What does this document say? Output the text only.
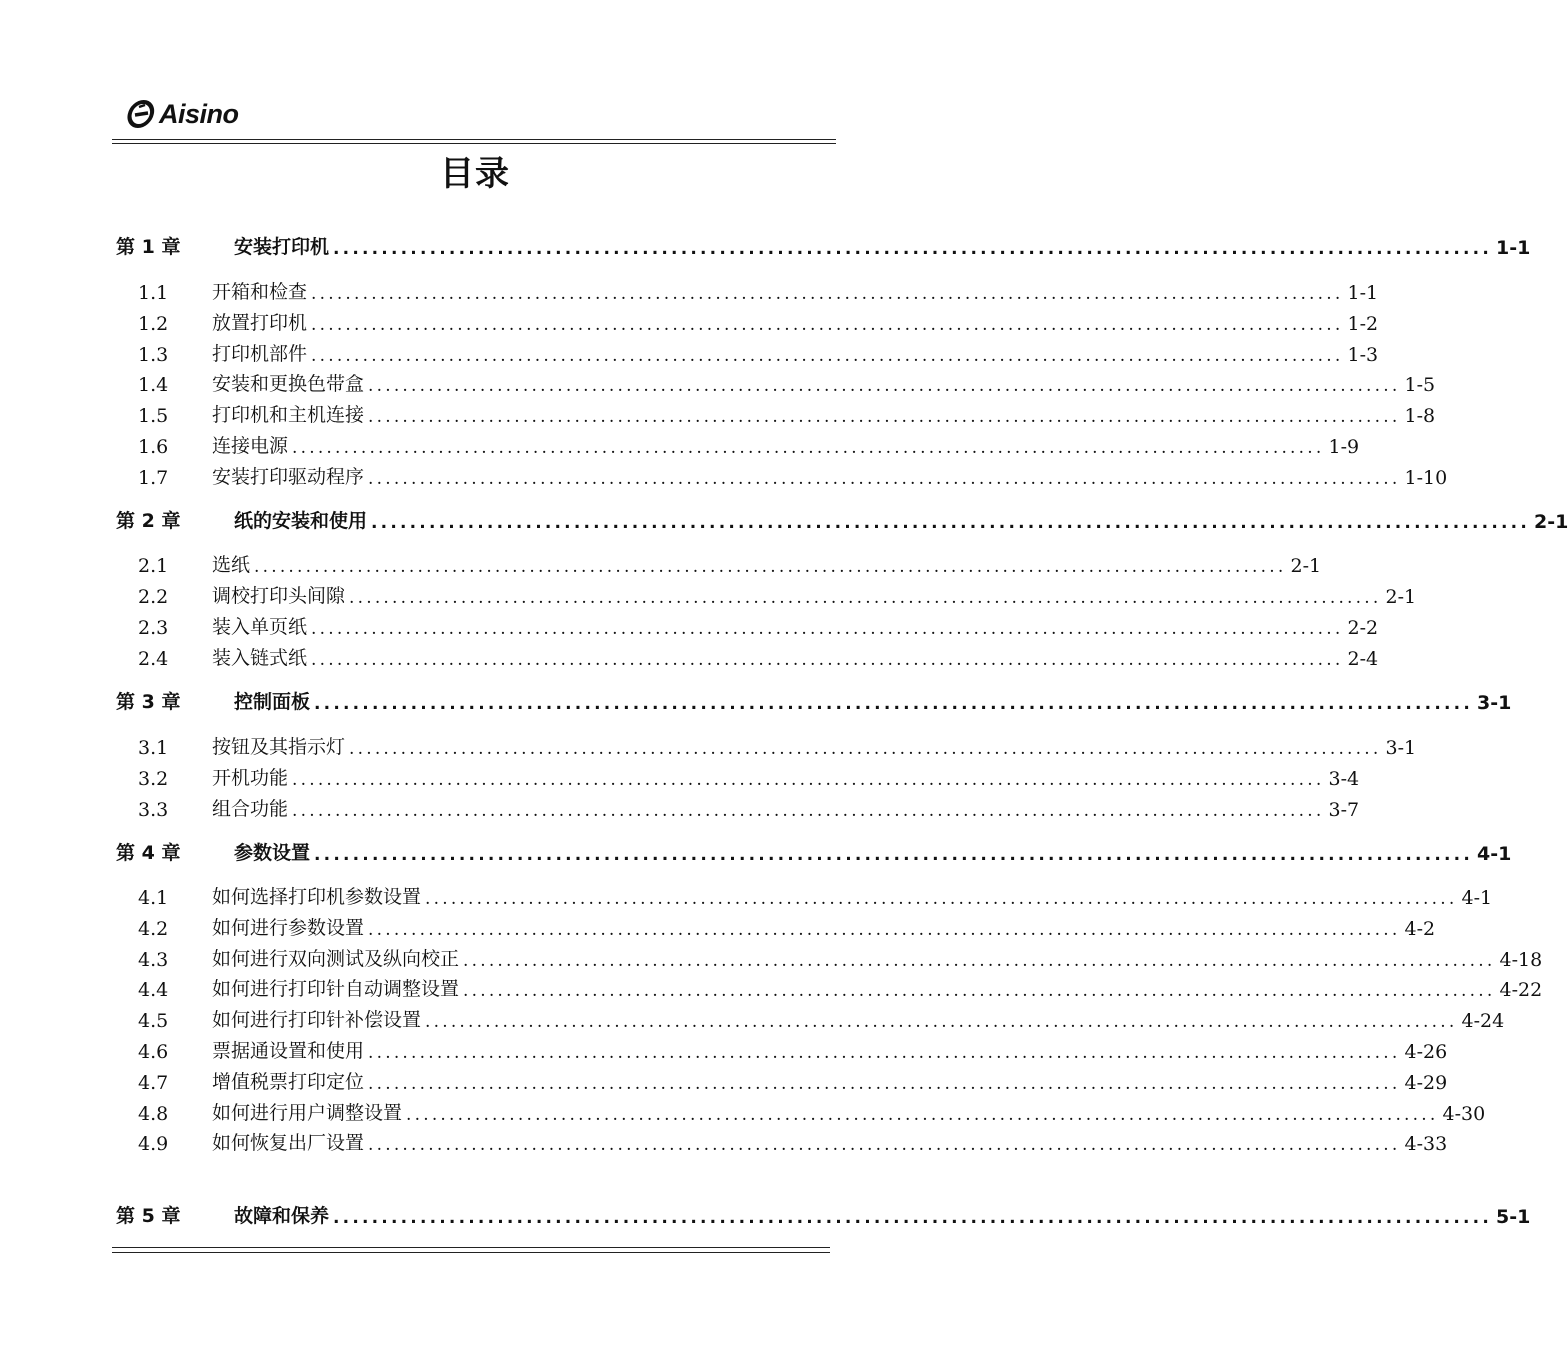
Aisino
目录
第 1 章	安装打印机 ........................................................................................................................ 1-1
1.1	开箱和检查 ........................................................................................................................ 1-1
1.2	放置打印机 ........................................................................................................................ 1-2
1.3	打印机部件 ........................................................................................................................ 1-3
1.4	安装和更换色带盒 ........................................................................................................................ 1-5
1.5	打印机和主机连接 ........................................................................................................................ 1-8
1.6	连接电源 ........................................................................................................................ 1-9
1.7	安装打印驱动程序 ........................................................................................................................ 1-10
第 2 章	纸的安装和使用 ........................................................................................................................ 2-1
2.1	选纸 ........................................................................................................................ 2-1
2.2	调校打印头间隙 ........................................................................................................................ 2-1
2.3	装入单页纸 ........................................................................................................................ 2-2
2.4	装入链式纸 ........................................................................................................................ 2-4
第 3 章	控制面板 ........................................................................................................................ 3-1
3.1	按钮及其指示灯 ........................................................................................................................ 3-1
3.2	开机功能 ........................................................................................................................ 3-4
3.3	组合功能 ........................................................................................................................ 3-7
第 4 章	参数设置 ........................................................................................................................ 4-1
4.1	如何选择打印机参数设置 ........................................................................................................................ 4-1
4.2	如何进行参数设置 ........................................................................................................................ 4-2
4.3	如何进行双向测试及纵向校正 ........................................................................................................................ 4-18
4.4	如何进行打印针自动调整设置 ........................................................................................................................ 4-22
4.5	如何进行打印针补偿设置 ........................................................................................................................ 4-24
4.6	票据通设置和使用 ........................................................................................................................ 4-26
4.7	增值税票打印定位 ........................................................................................................................ 4-29
4.8	如何进行用户调整设置 ........................................................................................................................ 4-30
4.9	如何恢复出厂设置 ........................................................................................................................ 4-33
第 5 章	故障和保养 ........................................................................................................................ 5-1
